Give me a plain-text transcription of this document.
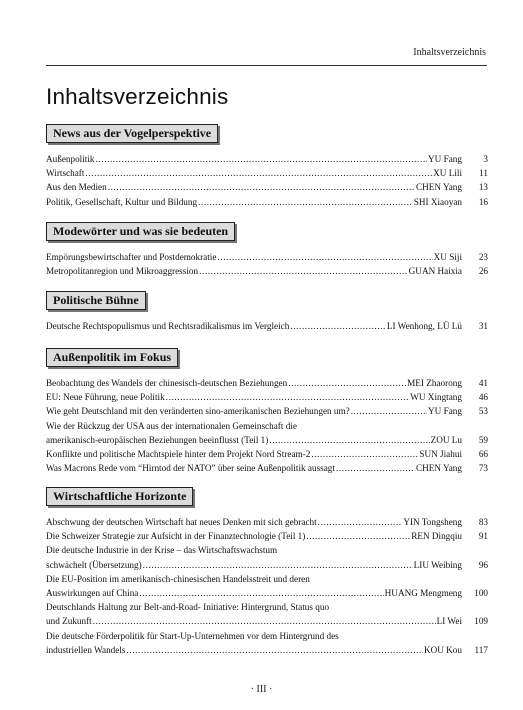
Inhaltsverzeichnis
Inhaltsverzeichnis
News aus der Vogelperspektive
Außenpolitik .....	YU Fang	3
Wirtschaft .....	XU Lili	11
Aus den Medien .....	CHEN Yang	13
Politik, Gesellschaft, Kultur und Bildung .....	SHI Xiaoyan	16
Modewörter und was sie bedeuten
Empörungsbewirtschafter und Postdemokratie .....	XU Siji	23
Metropolitanregion und Mikroaggression .....	GUAN Haixia	26
Politische Bühne
Deutsche Rechtspopulismus und Rechtsradikalismus im Vergleich .....	LI Wenhong, LÜ Lü	31
Außenpolitik im Fokus
Beobachtung des Wandels der chinesisch-deutschen Beziehungen .....	MEI Zhaorong	41
EU: Neue Führung, neue Politik .....	WU Xingtang	46
Wie geht Deutschland mit den veränderten sino-amerikanischen Beziehungen um? .....	YU Fang	53
Wie der Rückzug der USA aus der internationalen Gemeinschaft die
amerikanisch-europäischen Beziehungen beeinflusst (Teil 1) .....	ZOU Lu	59
Konflikte und politische Machtspiele hinter dem Projekt Nord Stream-2 .....	SUN Jiahui	66
Was Macrons Rede vom “Hirntod der NATO” über seine Außenpolitik aussagt .....	CHEN Yang	73
Wirtschaftliche Horizonte
Abschwung der deutschen Wirtschaft hat neues Denken mit sich gebracht .....	YIN Tongsheng	83
Die Schweizer Strategie zur Aufsicht in der Finanztechnologie (Teil 1) .....	REN Dingqiu	91
Die deutsche Industrie in der Krise – das Wirtschaftswachstum
schwächelt (Übersetzung) .....	LIU Weibing	96
Die EU-Position im amerikanisch-chinesischen Handelsstreit und deren
Auswirkungen auf China .....	HUANG Mengmeng	100
Deutschlands Haltung zur Belt-and-Road- Initiative: Hintergrund, Status quo
und Zukunft .....	LI Wei	109
Die deutsche Förderpolitik für Start-Up-Unternehmen vor dem Hintergrund des
industriellen Wandels .....	KOU Kou	117
· III ·
